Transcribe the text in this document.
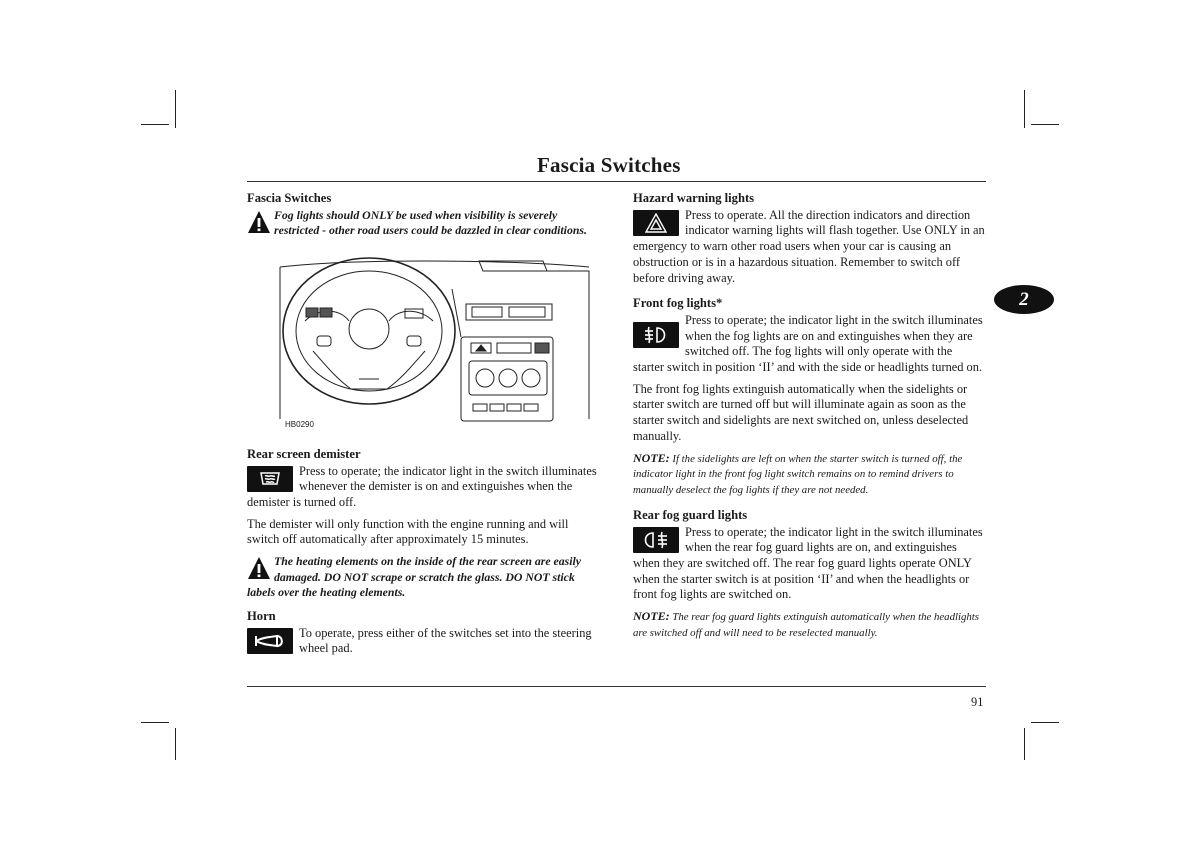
Fascia Switches
Fascia Switches
Fog lights should ONLY be used when visibility is severely restricted - other road users could be dazzled in clear conditions.
HB0290
Rear screen demister

Press to operate; the indicator light in the switch illuminates whenever the demister is on and extinguishes when the demister is turned off.

The demister will only function with the engine running and will switch off automatically after approximately 15 minutes.

The heating elements on the inside of the rear screen are easily damaged. DO NOT scrape or scratch the glass. DO NOT stick labels over the heating elements.
Horn

To operate, press either of the switches set into the steering wheel pad.

Hazard warning lights

Press to operate. All the direction indicators and direction indicator warning lights will flash together. Use ONLY in an emergency to warn other road users when your car is causing an obstruction or is in a hazardous situation. Remember to switch off before driving away.

Front fog lights*

Press to operate; the indicator light in the switch illuminates when the fog lights are on and extinguishes when they are switched off. The fog lights will only operate with the starter switch in position ‘II’ and with the side or headlights turned on.

The front fog lights extinguish automatically when the sidelights or starter switch are turned off but will illuminate again as soon as the starter switch and sidelights are next switched on, unless deselected manually.

NOTE: If the sidelights are left on when the starter switch is turned off, the indicator light in the front fog light switch remains on to remind drivers to manually deselect the fog lights if they are not needed.
Rear fog guard lights

Press to operate; the indicator light in the switch illuminates when the rear fog guard lights are on, and extinguishes when they are switched off. The rear fog guard lights operate ONLY when the starter switch is at position ‘II’ and when the headlights or front fog lights are switched on.

NOTE: The rear fog guard lights extinguish automatically when the headlights are switched off and will need to be reselected manually.
2
91
